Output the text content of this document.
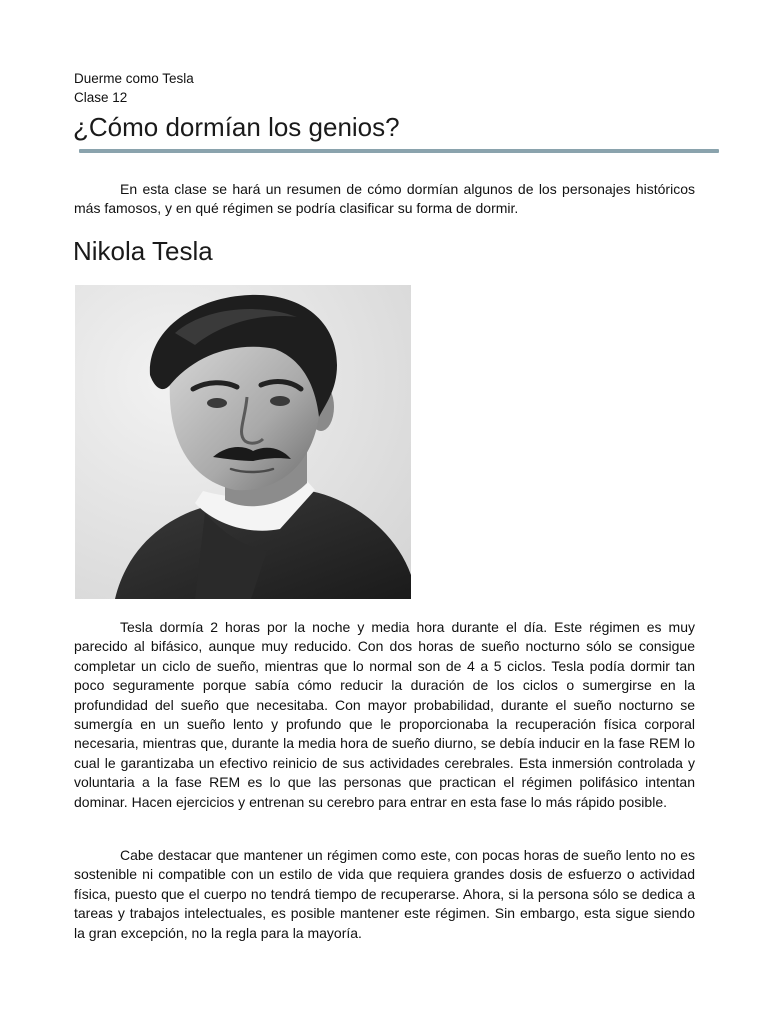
Duerme como Tesla
Clase 12
¿Cómo dormían los genios?

En esta clase se hará un resumen de cómo dormían algunos de los personajes históricos más famosos, y en qué régimen se podría clasificar su forma de dormir.

Nikola Tesla

Tesla dormía 2 horas por la noche y media hora durante el día. Este régimen es muy parecido al bifásico, aunque muy reducido. Con dos horas de sueño nocturno sólo se consigue completar un ciclo de sueño, mientras que lo normal son de 4 a 5 ciclos. Tesla podía dormir tan poco seguramente porque sabía cómo reducir la duración de los ciclos o sumergirse en la profundidad del sueño que necesitaba. Con mayor probabilidad, durante el sueño nocturno se sumergía en un sueño lento y profundo que le proporcionaba la recuperación física corporal necesaria, mientras que, durante la media hora de sueño diurno, se debía inducir en la fase REM lo cual le garantizaba un efectivo reinicio de sus actividades cerebrales. Esta inmersión controlada y voluntaria a la fase REM es lo que las personas que practican el régimen polifásico intentan dominar. Hacen ejercicios y entrenan su cerebro para entrar en esta fase lo más rápido posible.

Cabe destacar que mantener un régimen como este, con pocas horas de sueño lento no es sostenible ni compatible con un estilo de vida que requiera grandes dosis de esfuerzo o actividad física, puesto que el cuerpo no tendrá tiempo de recuperarse. Ahora, si la persona sólo se dedica a tareas y trabajos intelectuales, es posible mantener este régimen. Sin embargo, esta sigue siendo la gran excepción, no la regla para la mayoría.
